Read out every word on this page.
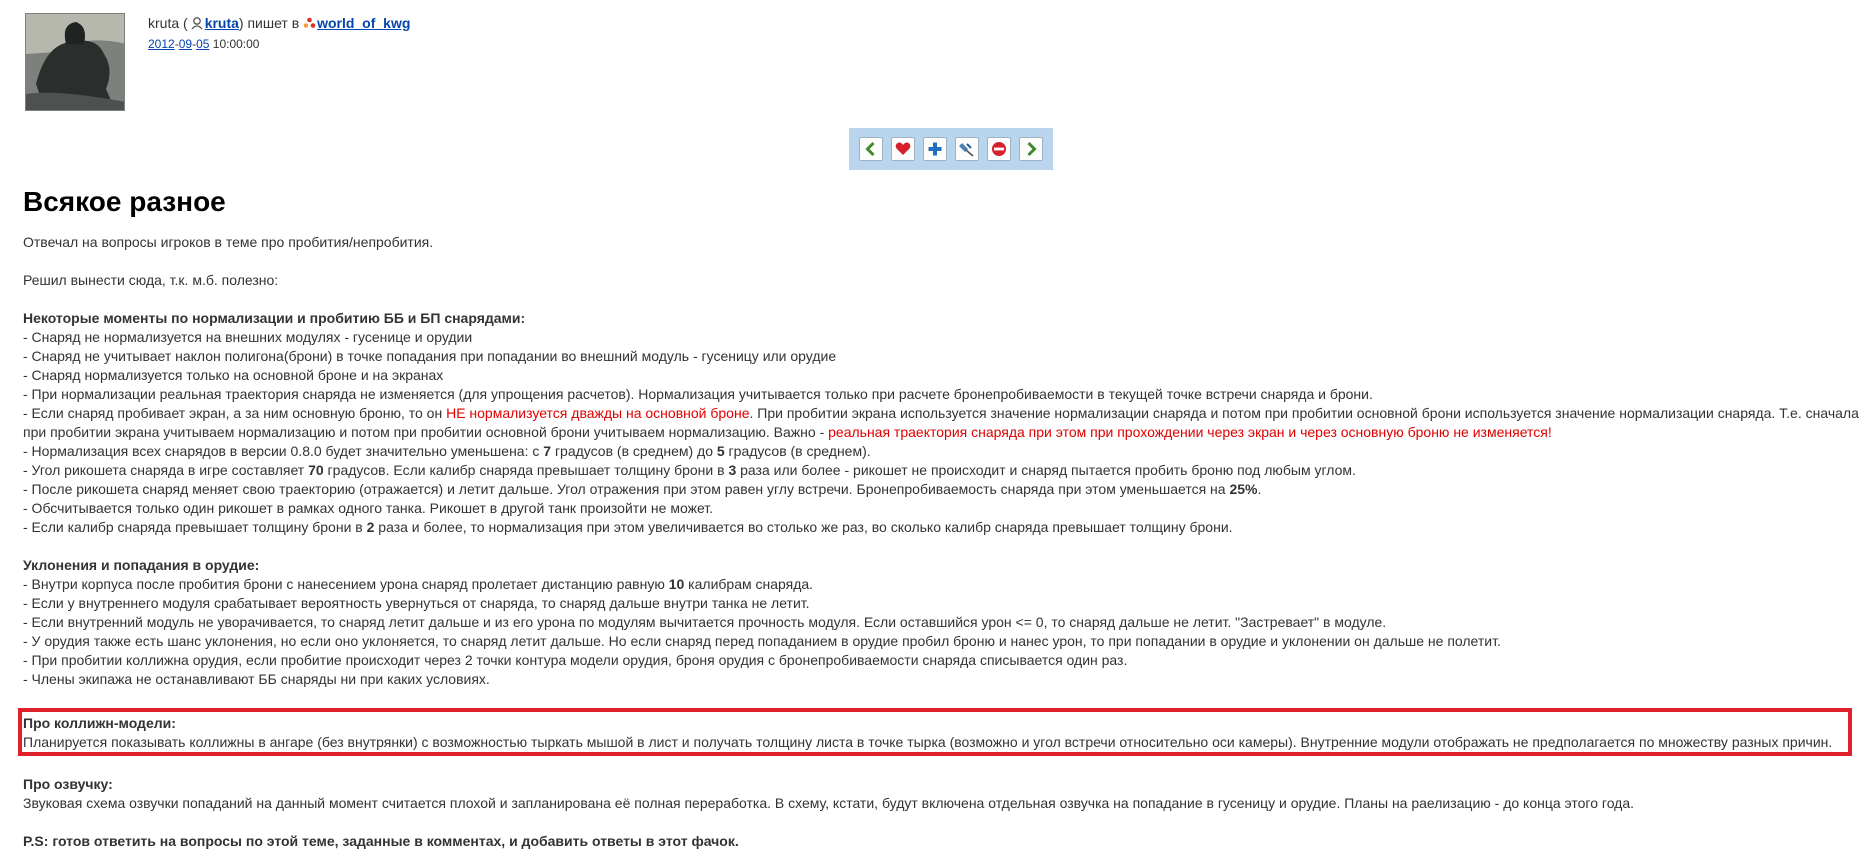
kruta ( kruta) пишет в world_of_kwg
2012-09-05 10:00:00
Всякое разное

Отвечал на вопросы игроков в теме про пробития/непробития.

Решил вынести сюда, т.к. м.б. полезно:

Некоторые моменты по нормализации и пробитию ББ и БП снарядами:
- Снаряд не нормализуется на внешних модулях - гусенице и орудии
- Снаряд не учитывает наклон полигона(брони) в точке попадания при попадании во внешний модуль - гусеницу или орудие
- Снаряд нормализуется только на основной броне и на экранах
- При нормализации реальная траектория снаряда не изменяется (для упрощения расчетов). Нормализация учитывается только при расчете бронепробиваемости в текущей точке встречи снаряда и брони.
- Если снаряд пробивает экран, а за ним основную броню, то он НЕ нормализуется дважды на основной броне. При пробитии экрана используется значение нормализации снаряда и потом при пробитии основной брони используется значение нормализации снаряда. Т.е. сначала при пробитии экрана учитываем нормализацию и потом при пробитии основной брони учитываем нормализацию. Важно - реальная траектория снаряда при этом при прохождении через экран и через основную броню не изменяется!
- Нормализация всех снарядов в версии 0.8.0 будет значительно уменьшена: с 7 градусов (в среднем) до 5 градусов (в среднем).
- Угол рикошета снаряда в игре составляет 70 градусов. Если калибр снаряда превышает толщину брони в 3 раза или более - рикошет не происходит и снаряд пытается пробить броню под любым углом.
- После рикошета снаряд меняет свою траекторию (отражается) и летит дальше. Угол отражения при этом равен углу встречи. Бронепробиваемость снаряда при этом уменьшается на 25%.
- Обсчитывается только один рикошет в рамках одного танка. Рикошет в другой танк произойти не может.
- Если калибр снаряда превышает толщину брони в 2 раза и более, то нормализация при этом увеличивается во столько же раз, во сколько калибр снаряда превышает толщину брони.
Уклонения и попадания в орудие:
- Внутри корпуса после пробития брони с нанесением урона снаряд пролетает дистанцию равную 10 калибрам снаряда.
- Если у внутреннего модуля срабатывает вероятность увернуться от снаряда, то снаряд дальше внутри танка не летит.
- Если внутренний модуль не уворачивается, то снаряд летит дальше и из его урона по модулям вычитается прочность модуля. Если оставшийся урон <= 0, то снаряд дальше не летит. "Застревает" в модуле.
- У орудия также есть шанс уклонения, но если оно уклоняется, то снаряд летит дальше. Но если снаряд перед попаданием в орудие пробил броню и нанес урон, то при попадании в орудие и уклонении он дальше не полетит.
- При пробитии коллижна орудия, если пробитие происходит через 2 точки контура модели орудия, броня орудия с бронепробиваемости снаряда списывается один раз.
- Члены экипажа не останавливают ББ снаряды ни при каких условиях.
Про коллижн-модели:
Планируется показывать коллижны в ангаре (без внутрянки) с возможностью тыркать мышой в лист и получать толщину листа в точке тырка (возможно и угол встречи относительно оси камеры). Внутренние модули отображать не предполагается по множеству разных причин.
Про озвучку:
Звуковая схема озвучки попаданий на данный момент считается плохой и запланирована её полная переработка. В схему, кстати, будут включена отдельная озвучка на попадание в гусеницу и орудие. Планы на раелизацию - до конца этого года.
P.S: готов ответить на вопросы по этой теме, заданные в комментах, и добавить ответы в этот фачок.
